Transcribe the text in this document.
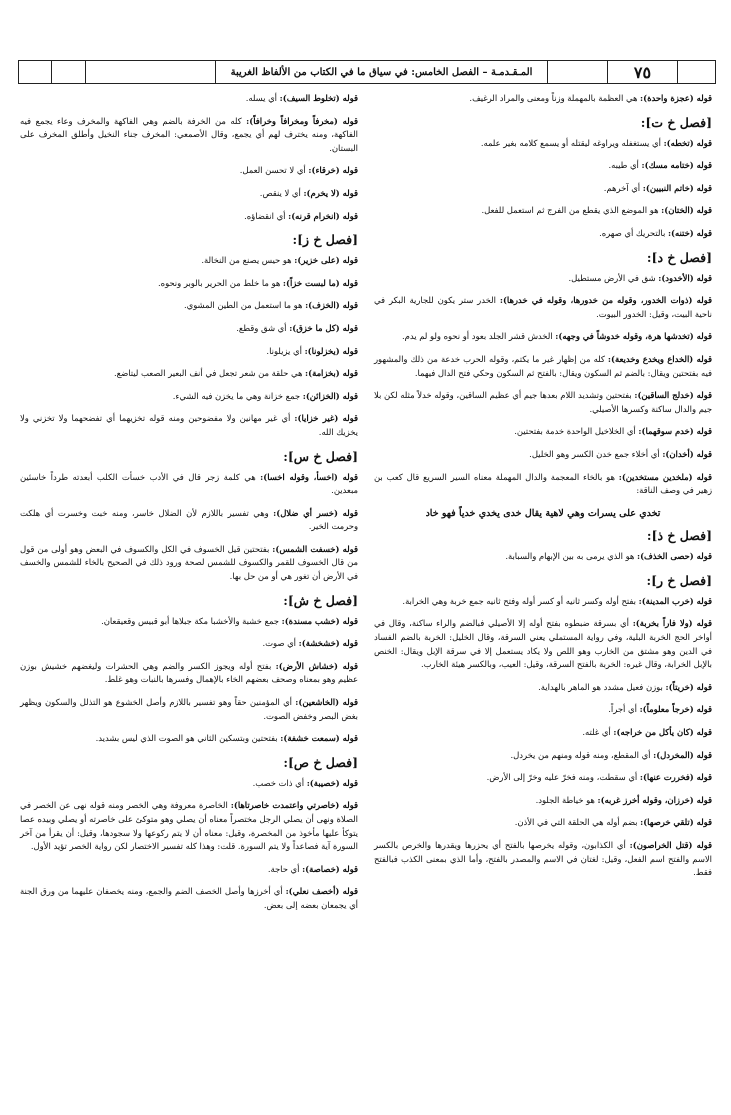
المـقـدمـة – الفصل الخامس: في سياق ما في الكتاب من الألفاظ الغريبة	٧٥
قوله (عجزة واحدة): هي العظمة بالمهملة وزناً ومعنى والمراد الرغيف.
[فصل خ ت]:
قوله (تخطه): أي يستغفله ويراوغه ليقتله أو يسمع كلامه بغير علمه.
قوله (ختامه مسك): أي طيبه.
قوله (خاتم النبيين): أي آخرهم.
قوله (الختان): هو الموضع الذي يقطع من الفرج ثم استعمل للفعل.
قوله (ختنه): بالتحريك أي صهره.
[فصل خ د]:
قوله (الأخدود): شق في الأرض مستطيل.
قوله (ذوات الخدور، وقوله من خدورها، وقوله في خدرها): الخدر ستر يكون للجارية البكر في ناحية البيت، وقيل: الخدور البيوت.
قوله (تخدشها هرة، وقوله خدوشاً في وجهه): الخدش قشر الجلد بعود أو نحوه ولو لم يدم.
قوله (الخداع ويخدع وخديعة): كله من إظهار غير ما يكتم، وقوله الحرب خدعة من ذلك والمشهور فيه بفتحتين ويقال: بالضم ثم السكون ويقال: بالفتح ثم السكون وحكي فتح الدال فيهما.
قوله (خدلج الساقين): بفتحتين وتشديد اللام بعدها جيم أي عظيم الساقين، وقوله خدلاً مثله لكن بلا جيم والدال ساكنة وكسرها الأصيلي.
قوله (خدم سوقهما): أي الخلاخيل الواحدة خدمة بفتحتين.
قوله (أخدان): أي أخلاء جمع خدن الكسر وهو الخليل.
قوله (ملخدين مستخدين): هو بالخاء المعجمة والدال المهملة معناه السير السريع قال كعب بن زهير في وصف الناقة:
تخدي على يسرات وهي لاهية يقال خدى يخدي خدياً فهو خاد
[فصل خ ذ]:
قوله (حصى الخذف): هو الذي يرمى به بين الإبهام والسبابة.
[فصل خ ر]:
قوله (خرب المدينة): بفتح أوله وكسر ثانيه أو كسر أوله وفتح ثانيه جمع خربة وهي الخرابة.
قوله (ولا فاراً بخربة): أي بسرقة ضبطوه بفتح أوله إلا الأصيلي فبالضم والراء ساكنة، وقال في أواخر الحج الخربة البلية، وفي رواية المستملي يعني السرقة، وقال الخليل: الخربة بالضم الفساد في الدين وهو مشتق من الخارب وهو اللص ولا يكاد يستعمل إلا في سرقة الإبل ويقال: الخنص بالإبل الخرابة، وقال غيره: الخربة بالفتح السرقة، وقيل: العيب، وبالكسر هيئة الخارب.
قوله (خريتاً): بوزن فعيل مشدد هو الماهر بالهداية.
قوله (خرجاً معلوماً): أي أجراً.
قوله (كان يأكل من خراجه): أي غلته.
قوله (المخردل): أي المقطع، ومنه قوله ومنهم من يخردل.
قوله (فخررت عنها): أي سقطت، ومنه فخرّ عليه وخرّ إلى الأرض.
قوله (خرزان، وقوله أخرز غربه): هو خياطة الجلود.
قوله (تلقي خرصها): بضم أوله هي الحلقة التي في الأذن.
قوله (قتل الخراصون): أي الكذابون، وقوله يخرصها بالفتح أي يحزرها ويقدرها والخرص بالكسر الاسم والفتح اسم الفعل، وقيل: لغتان في الاسم والمصدر بالفتح، وأما الذي بمعنى الكذب فبالفتح فقط.
قوله (تخلوط السيف): أي يسله.
قوله (مخرفاً ومخرافاً وخرافاً): كله من الخرفة بالضم وهي الفاكهة والمخرف وعاء يجمع فيه الفاكهة، ومنه يخترف لهم أي يجمع، وقال الأصمعي: المخرف جناء النخيل وأطلق المخرف على البستان.
قوله (خرقاء): أي لا تحسن العمل.
قوله (لا يخرم): أي لا ينقص.
قوله (انخرام قرنه): أي انقضاؤه.
[فصل خ ز]:
قوله (على خزير): هو حيس يصنع من النخالة.
قوله (ما لبست خزاً): هو ما خلط من الحرير بالوبر ونحوه.
قوله (الخزف): هو ما استعمل من الطين المشوي.
قوله (كل ما خزق): أي شق وقطع.
قوله (يخزلونا): أي يزيلونا.
قوله (بخزامة): هي حلقة من شعر تجعل في أنف البعير الصعب ليتاضع.
قوله (الخزائن): جمع خزانة وهي ما يخزن فيه الشيء.
قوله (غير خزايا): أي غير مهانين ولا مفضوحين ومنه قوله تخزيهما أي تفضحهما ولا تخزني ولا يخزيك الله.
[فصل خ س]:
قوله (اخسأ، وقوله اخسا): هي كلمة زجر قال في الأدب خسأت الكلب أبعدته طرداً خاسئين مبعدين.
قوله (خسر أي ضلال): وهي تفسير باللازم لأن الضلال خاسر، ومنه خبت وخسرت أي هلكت وحرمت الخير.
قوله (خسفت الشمس): بفتحتين قيل الخسوف في الكل والكسوف في البعض وهو أولى من قول من قال الخسوف للقمر والكسوف للشمس لصحة ورود ذلك في الصحيح بالخاء للشمس والخسف في الأرض أن تغور هي أو من حل بها.
[فصل خ ش]:
قوله (خشب مسندة): جمع خشبة والأخشبا مكة جبلاها أبو قبيس وقعيقعان.
قوله (خشخشة): أي صوت.
قوله (خشاش الأرض): بفتح أوله ويجوز الكسر والضم وهي الحشرات وليغضهم خشيش بوزن عظيم وهو بمعناه وصحف بعضهم الخاء بالإهمال وفسرها بالنبات وهو غلط.
قوله (الخاشعين): أي المؤمنين حقاً وهو تفسير باللازم وأصل الخشوع هو التذلل والسكون ويظهر بغض البصر وخفض الصوت.
قوله (سمعت خشفة): بفتحتين وبتسكين الثاني هو الصوت الذي ليس بشديد.
[فصل خ ص]:
قوله (خصيبة): أي ذات خصب.
قوله (خاصرتي واعتمدت خاصرتاها): الخاصرة معروفة وهي الخصر ومنه قوله نهى عن الخصر في الصلاة ونهى أن يصلي الرجل مختصراً معناه أن يصلي وهو متوكئ على خاصرته أو يصلي وبيده عصا يتوكأ عليها مأخوذ من المخصرة، وقيل: معناه أن لا يتم ركوعها ولا سجودها، وقيل: أن يقرأ من آخر السورة آية فصاعداً ولا يتم السورة. قلت: وهذا كله تفسير الاختصار لكن رواية الخصر تؤيد الأول.
قوله (خصاصة): أي حاجة.
قوله (أخصف نعلي): أي أخرزها وأصل الخصف الضم والجمع، ومنه يخصفان عليهما من ورق الجنة أي يجمعان بعضه إلى بعض.
